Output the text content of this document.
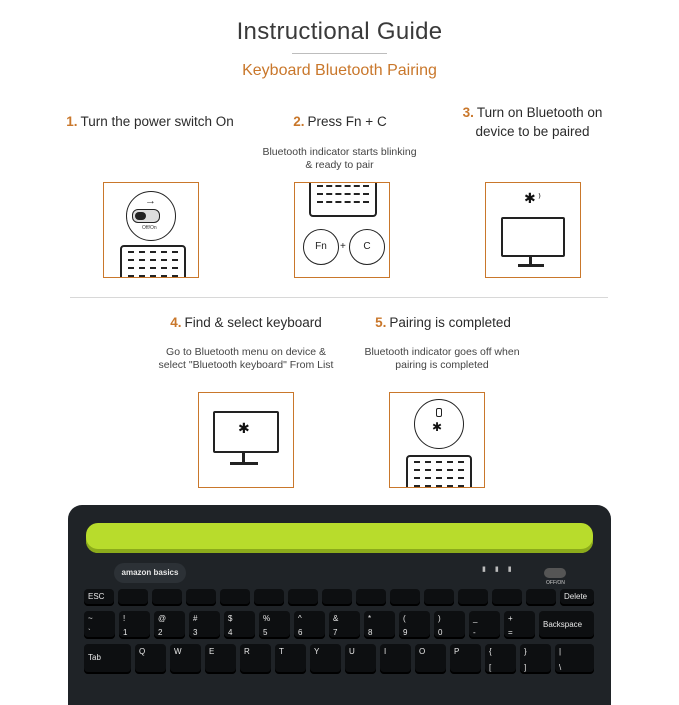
Instructional Guide
Keyboard Bluetooth Pairing
1. Turn the power switch On
→
Off/On
2. Press Fn + C
Bluetooth indicator starts blinking & ready to pair
Fn	+	C
3. Turn on Bluetooth on device to be paired
✱ ⁾
4. Find & select keyboard
Go to Bluetooth menu on device & select "Bluetooth keyboard" From List
✱
5. Pairing is completed
Bluetooth indicator goes off when pairing is completed
✱
amazon basics	▮▮▮
OFF/ON
ESC	Delete
~
`
!
1
@
2
#
3
$
4
%
5
^
6
&
7
*
8
(
9
)
0
_
-
+
=
Backspace
Tab
Q	W	E	R	T	Y	U	I	O	P	{
[
}
]
|
\
